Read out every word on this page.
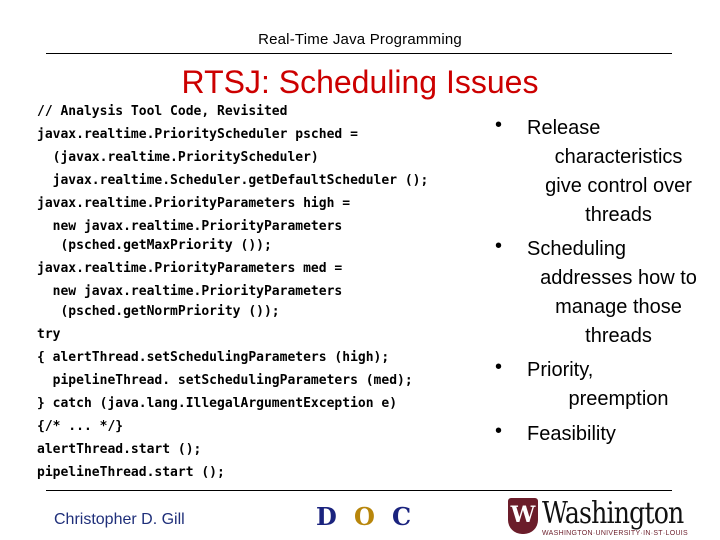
Real-Time Java Programming
RTSJ: Scheduling Issues
// Analysis Tool Code, Revisited
javax.realtime.PriorityScheduler psched =
(javax.realtime.PriorityScheduler)
javax.realtime.Scheduler.getDefaultScheduler ();
javax.realtime.PriorityParameters high =
new javax.realtime.PriorityParameters
(psched.getMaxPriority ());
javax.realtime.PriorityParameters med =
new javax.realtime.PriorityParameters
(psched.getNormPriority ());
try
{ alertThread.setSchedulingParameters (high);
pipelineThread. setSchedulingParameters (med);
} catch (java.lang.IllegalArgumentException e)
{/* ... */}
alertThread.start ();
pipelineThread.start ();
•	Release
characteristics
give control over
threads
•	Scheduling
addresses how to
manage those
threads
•	Priority,
preemption
•	Feasibility
Christopher D. Gill	D O C	W Washington
WASHINGTON·UNIVERSITY·IN·ST·LOUIS
